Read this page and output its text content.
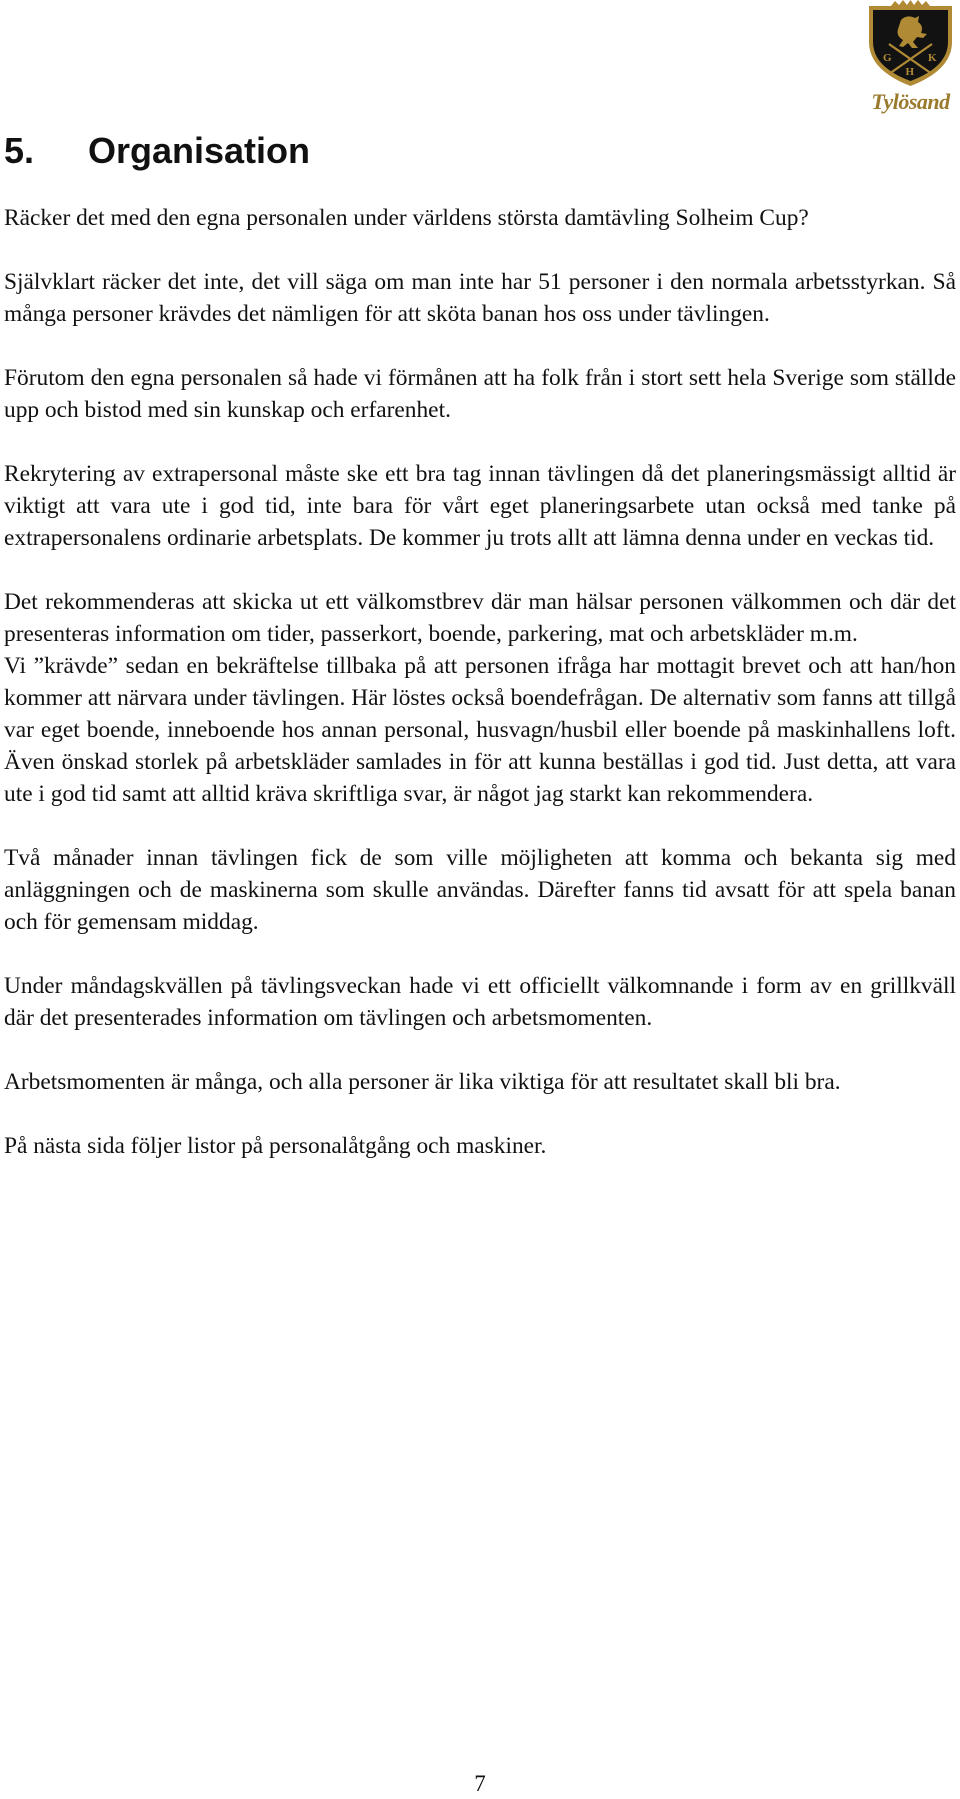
G
H
K
Tylösand
5. Organisation

Räcker det med den egna personalen under världens största damtävling Solheim Cup?

Självklart räcker det inte, det vill säga om man inte har 51 personer i den normala arbetsstyrkan. Så många personer krävdes det nämligen för att sköta banan hos oss under tävlingen.

Förutom den egna personalen så hade vi förmånen att ha folk från i stort sett hela Sverige som ställde upp och bistod med sin kunskap och erfarenhet.

Rekrytering av extrapersonal måste ske ett bra tag innan tävlingen då det planeringsmässigt alltid är viktigt att vara ute i god tid, inte bara för vårt eget planeringsarbete utan också med tanke på extrapersonalens ordinarie arbetsplats. De kommer ju trots allt att lämna denna under en veckas tid.

Det rekommenderas att skicka ut ett välkomstbrev där man hälsar personen välkommen och där det presenteras information om tider, passerkort, boende, parkering, mat och arbetskläder m.m.

Vi ”krävde” sedan en bekräftelse tillbaka på att personen ifråga har mottagit brevet och att han/hon kommer att närvara under tävlingen. Här löstes också boendefrågan. De alternativ som fanns att tillgå var eget boende, inneboende hos annan personal, husvagn/husbil eller boende på maskinhallens loft. Även önskad storlek på arbetskläder samlades in för att kunna beställas i god tid. Just detta, att vara ute i god tid samt att alltid kräva skriftliga svar, är något jag starkt kan rekommendera.

Två månader innan tävlingen fick de som ville möjligheten att komma och bekanta sig med anläggningen och de maskinerna som skulle användas. Därefter fanns tid avsatt för att spela banan och för gemensam middag.

Under måndagskvällen på tävlingsveckan hade vi ett officiellt välkomnande i form av en grillkväll där det presenterades information om tävlingen och arbetsmomenten.

Arbetsmomenten är många, och alla personer är lika viktiga för att resultatet skall bli bra.

På nästa sida följer listor på personalåtgång och maskiner.

7
